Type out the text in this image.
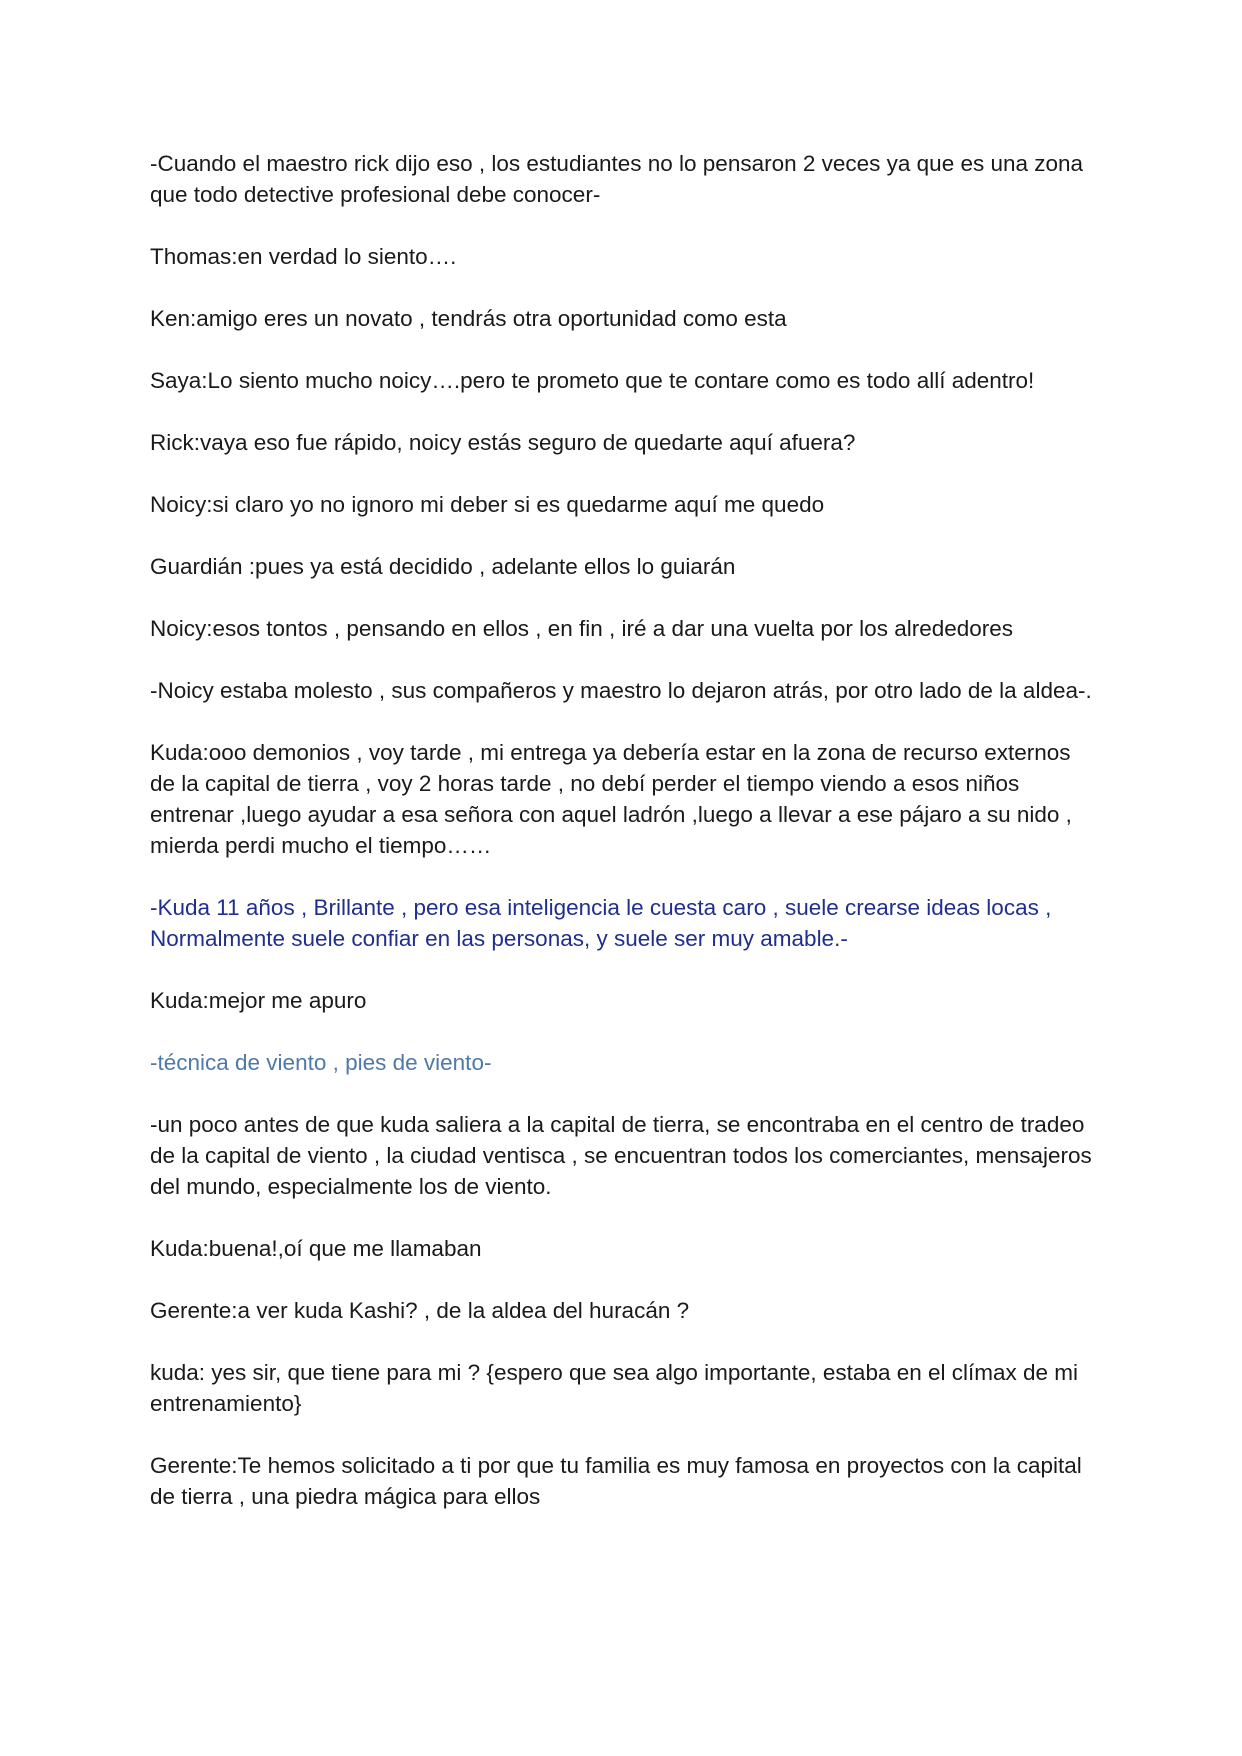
-Cuando el maestro rick dijo eso , los estudiantes no lo pensaron 2 veces ya que es una zona que todo detective profesional debe conocer-

Thomas:en verdad lo siento….

Ken:amigo eres un novato , tendrás otra oportunidad como esta

Saya:Lo siento mucho noicy….pero te prometo que te contare como es todo allí adentro!

Rick:vaya eso fue rápido, noicy estás seguro de quedarte aquí afuera?

Noicy:si claro yo no ignoro mi deber si es quedarme aquí me quedo

Guardián :pues ya está decidido , adelante ellos lo guiarán

Noicy:esos tontos , pensando en ellos , en fin , iré a dar una vuelta por los alrededores

-Noicy estaba molesto , sus compañeros y maestro lo dejaron atrás, por otro lado de la aldea-.

Kuda:ooo demonios , voy tarde , mi entrega ya debería estar en la zona de recurso externos de la capital de tierra , voy 2 horas tarde , no debí perder el tiempo viendo a esos niños entrenar ,luego ayudar a esa señora con aquel ladrón ,luego a llevar a ese pájaro a su nido , mierda perdi mucho el tiempo……

-Kuda 11 años , Brillante , pero esa inteligencia le cuesta caro , suele crearse ideas locas , Normalmente suele confiar en las personas, y suele ser muy amable.-

Kuda:mejor me apuro

-técnica de viento , pies de viento-

-un poco antes de que kuda saliera a la capital de tierra, se encontraba en el centro de tradeo de la capital de viento , la ciudad ventisca , se encuentran todos los comerciantes, mensajeros del mundo, especialmente los de viento.

Kuda:buena!,oí que me llamaban

Gerente:a ver kuda Kashi? , de la aldea del huracán ?

kuda: yes sir, que tiene para mi ? {espero que sea algo importante, estaba en el clímax de mi entrenamiento}

Gerente:Te hemos solicitado a ti por que tu familia es muy famosa en proyectos con la capital de tierra , una piedra mágica para ellos
